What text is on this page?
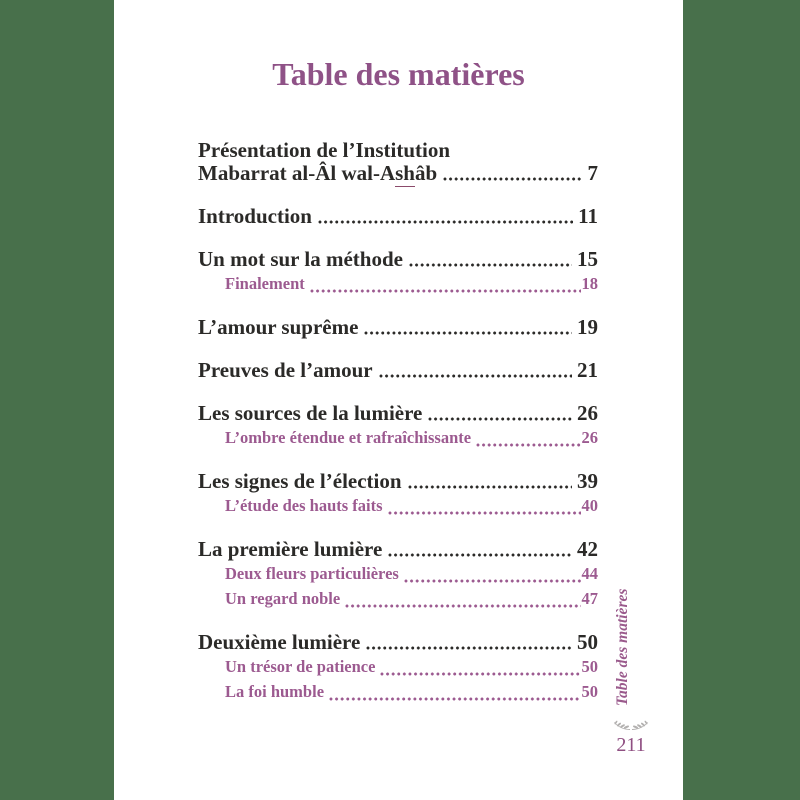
Table des matières
Présentation de l’Institution
Mabarrat al-Âl wal-Ashâb	7
Introduction	11
Un mot sur la méthode	15
Finalement	18
L’amour suprême	19
Preuves de l’amour	21
Les sources de la lumière	26
L’ombre étendue et rafraîchissante	26
Les signes de l’élection	39
L’étude des hauts faits	40
La première lumière	42
Deux fleurs particulières	44
Un regard noble	47
Deuxième lumière	50
Un trésor de patience	50
La foi humble	50 Table des matières
211
